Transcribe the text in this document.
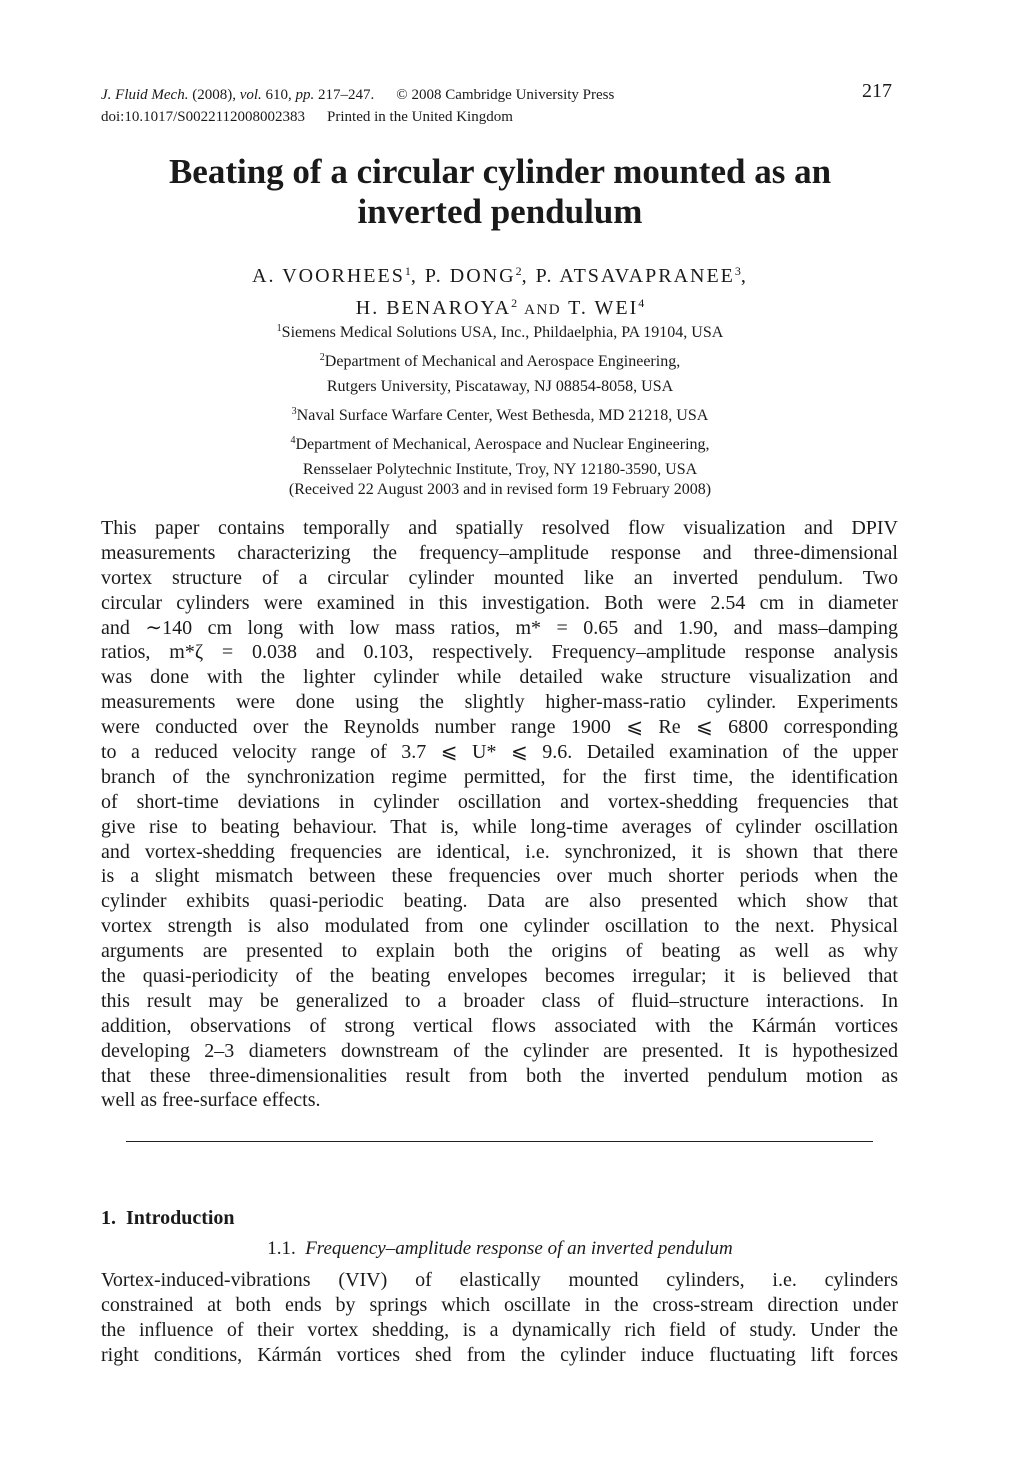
J. Fluid Mech.
(2008),
vol.
610,
pp.
217–247. © 2008 Cambridge University Press
doi:10.1017/S0022112008002383 Printed in the United Kingdom
217
Beating of a circular cylinder mounted as an
inverted pendulum
A. VOORHEES$^1$, P. DONG$^2$, P. ATSAVAPRANEE$^3$,
H. BENAROYA$^2$ AND T. WEI$^4$
$^1$Siemens Medical Solutions USA, Inc., Phildaelphia, PA 19104, USA
$^2$Department of Mechanical and Aerospace Engineering,
Rutgers University, Piscataway, NJ 08854-8058, USA
$^3$Naval Surface Warfare Center, West Bethesda, MD 21218, USA
$^4$Department of Mechanical, Aerospace and Nuclear Engineering,
Rensselaer Polytechnic Institute, Troy, NY 12180-3590, USA
(Received 22 August 2003 and in revised form 19 February 2008)
This paper contains temporally and spatially resolved flow visualization and DPIV
measurements characterizing the frequency–amplitude response and three-dimensional
vortex structure of a circular cylinder mounted like an inverted pendulum. Two
circular cylinders were examined in this investigation. Both were 2.54 cm in diameter
and ∼140 cm long with low mass ratios, m* = 0.65 and 1.90, and mass–damping
ratios, m*ζ = 0.038 and 0.103, respectively. Frequency–amplitude response analysis
was done with the lighter cylinder while detailed wake structure visualization and
measurements were done using the slightly higher-mass-ratio cylinder. Experiments
were conducted over the Reynolds number range 1900 ⩽ Re ⩽ 6800 corresponding
to a reduced velocity range of 3.7 ⩽ U* ⩽ 9.6. Detailed examination of the upper
branch of the synchronization regime permitted, for the first time, the identification
of short-time deviations in cylinder oscillation and vortex-shedding frequencies that
give rise to beating behaviour. That is, while long-time averages of cylinder oscillation
and vortex-shedding frequencies are identical, i.e. synchronized, it is shown that there
is a slight mismatch between these frequencies over much shorter periods when the
cylinder exhibits quasi-periodic beating. Data are also presented which show that
vortex strength is also modulated from one cylinder oscillation to the next. Physical
arguments are presented to explain both the origins of beating as well as why
the quasi-periodicity of the beating envelopes becomes irregular; it is believed that
this result may be generalized to a broader class of fluid–structure interactions. In
addition, observations of strong vertical flows associated with the Kármán vortices
developing 2–3 diameters downstream of the cylinder are presented. It is hypothesized
that these three-dimensionalities result from both the inverted pendulum motion as
well as free-surface effects.
1. Introduction
1.1. Frequency–amplitude response of an inverted pendulum
Vortex-induced-vibrations (VIV) of elastically mounted cylinders, i.e. cylinders
constrained at both ends by springs which oscillate in the cross-stream direction under
the influence of their vortex shedding, is a dynamically rich field of study. Under the
right conditions, Kármán vortices shed from the cylinder induce fluctuating lift forces
